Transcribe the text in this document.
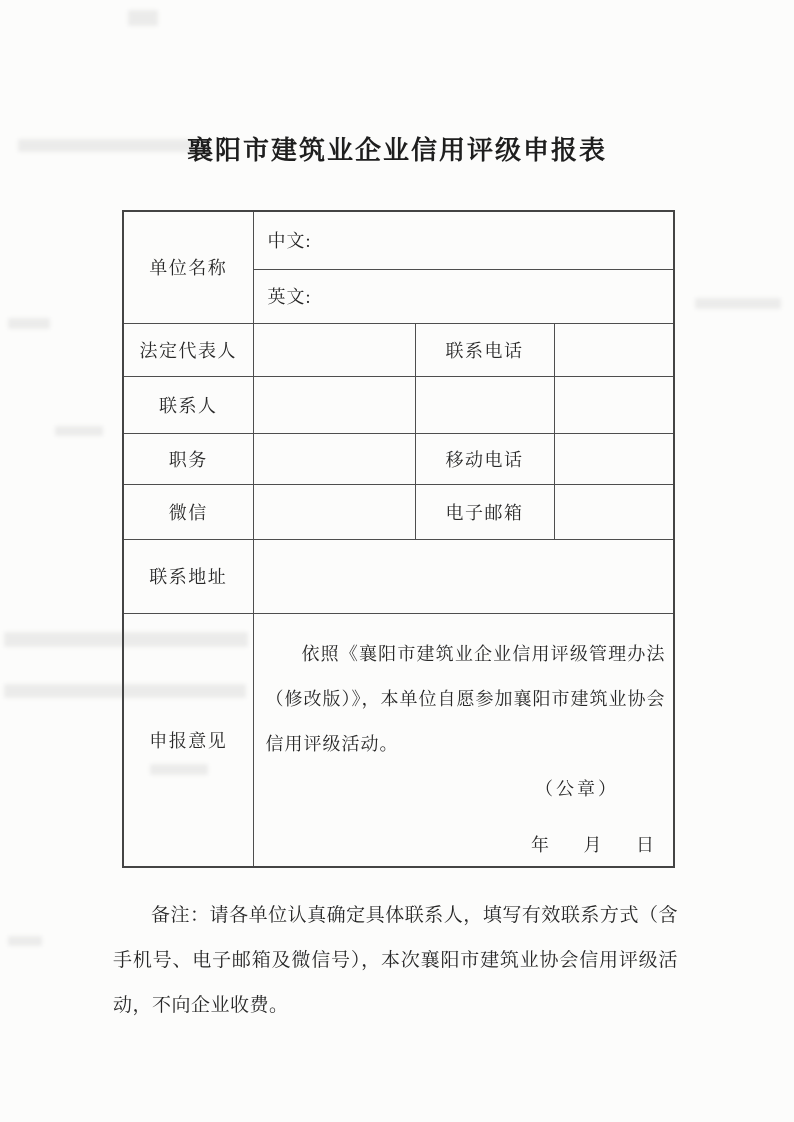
襄阳市建筑业企业信用评级申报表
单位名称	中文:		
	英文:		
法定代表人		联系电话	
联系人			
职务		移动电话	
微信		电子邮箱	
联系地址			
申报意见	依照《襄阳市建筑业企业信用评级管理办法（修改版）》，本单位自愿参加襄阳市建筑业协会信用评级活动。
（公章）
年 月 日		

备注：请各单位认真确定具体联系人，填写有效联系方式（含手机号、电子邮箱及微信号），本次襄阳市建筑业协会信用评级活动，不向企业收费。
